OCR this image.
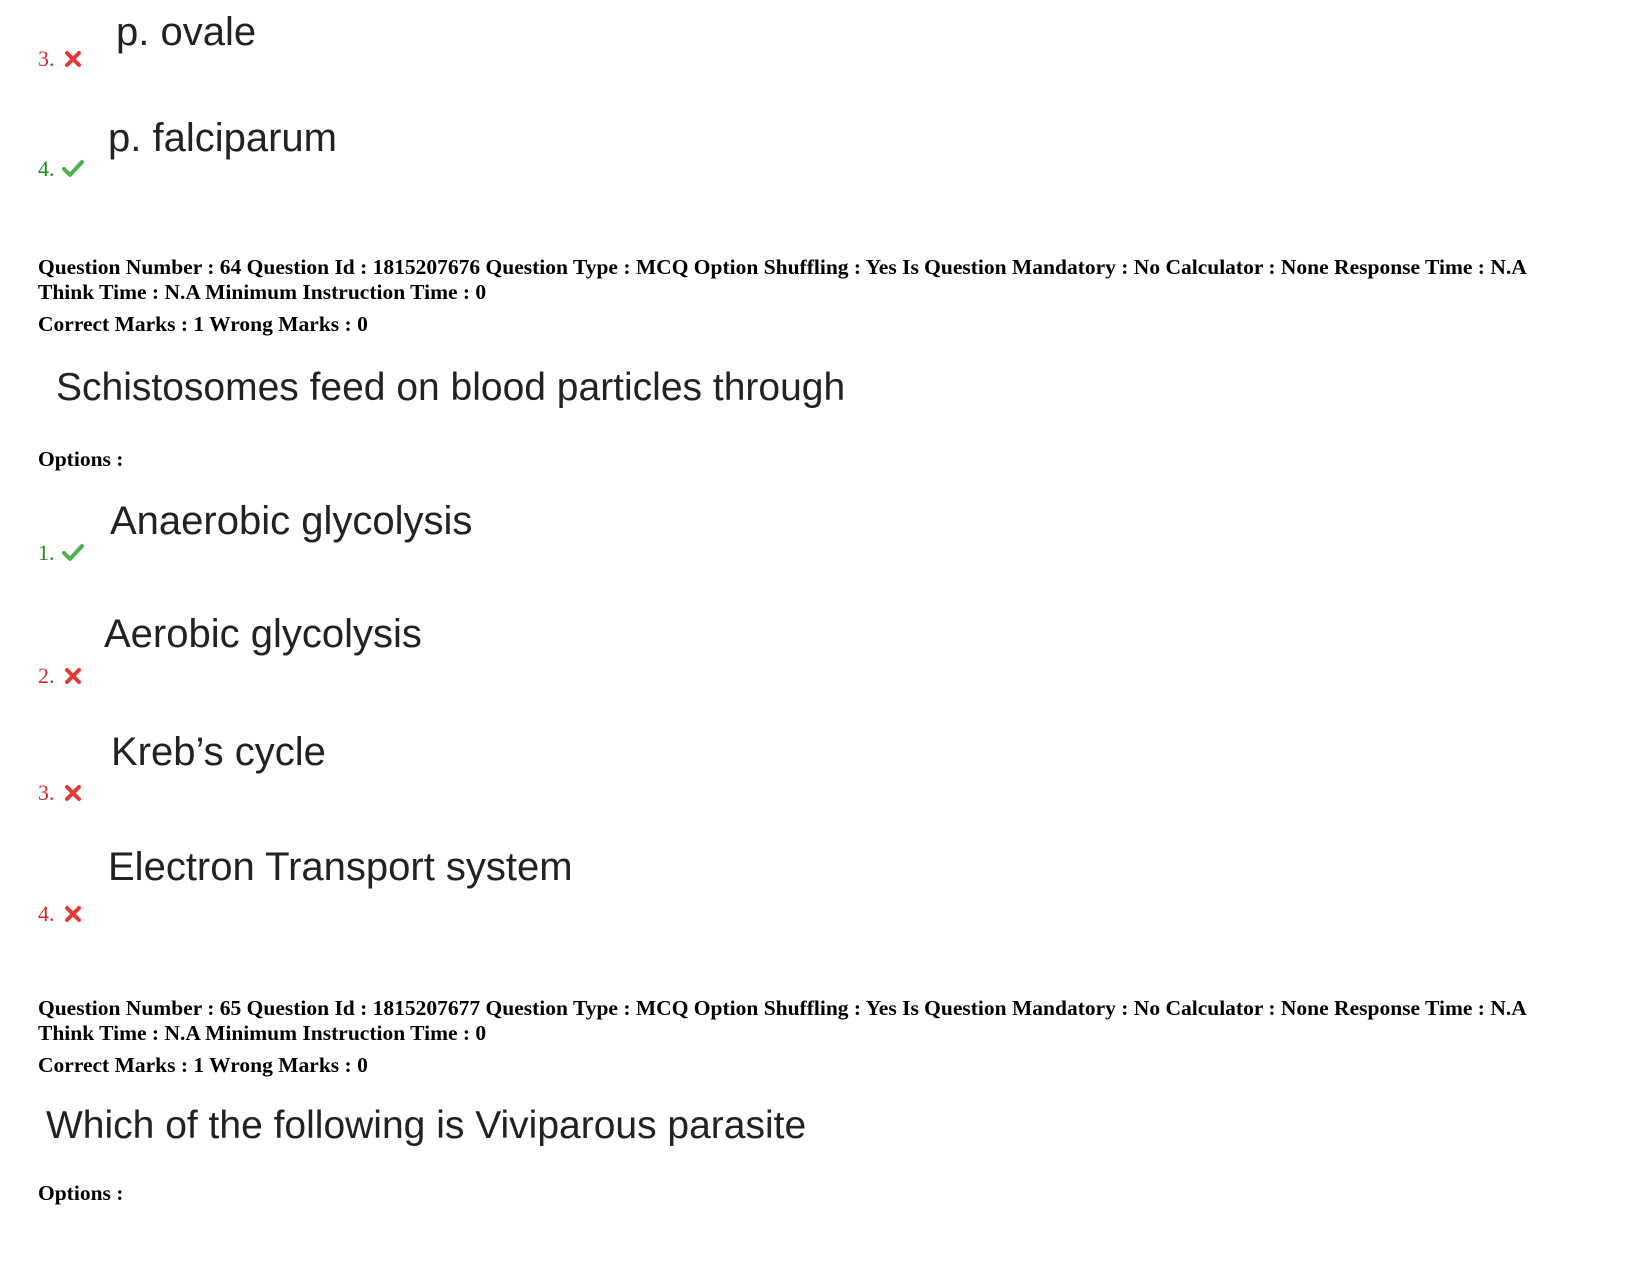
p. ovale
3.
p. falciparum
4.
Question Number : 64 Question Id : 1815207676 Question Type : MCQ Option Shuffling : Yes Is Question Mandatory : No Calculator : None Response Time : N.A
Think Time : N.A Minimum Instruction Time : 0
Correct Marks : 1 Wrong Marks : 0
Schistosomes feed on blood particles through
Options :
Anaerobic glycolysis
1.
Aerobic glycolysis
2.
Kreb’s cycle
3.
Electron Transport system
4.
Question Number : 65 Question Id : 1815207677 Question Type : MCQ Option Shuffling : Yes Is Question Mandatory : No Calculator : None Response Time : N.A
Think Time : N.A Minimum Instruction Time : 0
Correct Marks : 1 Wrong Marks : 0
Which of the following is Viviparous parasite
Options :
